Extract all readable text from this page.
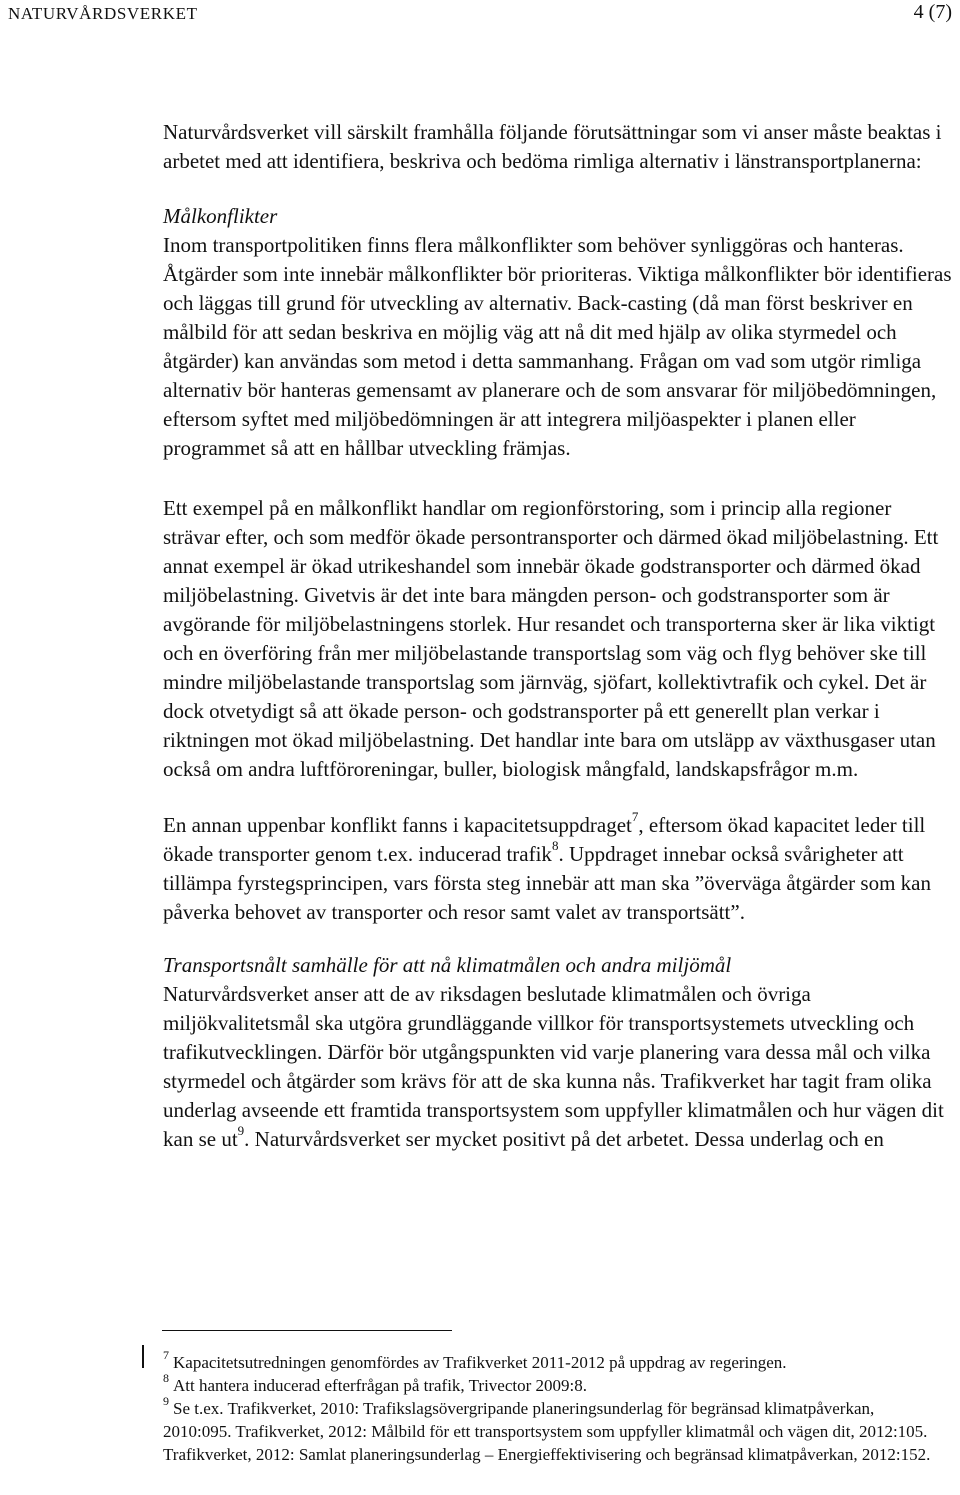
NATURVÅRDSVERKET	4 (7)

Naturvårdsverket vill särskilt framhålla följande förutsättningar som vi anser måste beaktas i arbetet med att identifiera, beskriva och bedöma rimliga alternativ i länstransportplanerna:

Målkonflikter

Inom transportpolitiken finns flera målkonflikter som behöver synliggöras och hanteras. Åtgärder som inte innebär målkonflikter bör prioriteras. Viktiga målkonflikter bör identifieras och läggas till grund för utveckling av alternativ. Back-casting (då man först beskriver en målbild för att sedan beskriva en möjlig väg att nå dit med hjälp av olika styrmedel och åtgärder) kan användas som metod i detta sammanhang. Frågan om vad som utgör rimliga alternativ bör hanteras gemensamt av planerare och de som ansvarar för miljöbedömningen, eftersom syftet med miljöbedömningen är att integrera miljöaspekter i planen eller programmet så att en hållbar utveckling främjas.

Ett exempel på en målkonflikt handlar om regionförstoring, som i princip alla regioner strävar efter, och som medför ökade persontransporter och därmed ökad miljöbelastning. Ett annat exempel är ökad utrikeshandel som innebär ökade godstransporter och därmed ökad miljöbelastning. Givetvis är det inte bara mängden person- och godstransporter som är avgörande för miljöbelastningens storlek. Hur resandet och transporterna sker är lika viktigt och en överföring från mer miljöbelastande transportslag som väg och flyg behöver ske till mindre miljöbelastande transportslag som järnväg, sjöfart, kollektivtrafik och cykel. Det är dock otvetydigt så att ökade person- och godstransporter på ett generellt plan verkar i riktningen mot ökad miljöbelastning. Det handlar inte bara om utsläpp av växthusgaser utan också om andra luftföroreningar, buller, biologisk mångfald, landskapsfrågor m.m.

En annan uppenbar konflikt fanns i kapacitetsuppdraget$^7$, eftersom ökad kapacitet leder till ökade transporter genom t.ex. inducerad trafik$^8$. Uppdraget innebar också svårigheter att tillämpa fyrstegsprincipen, vars första steg innebär att man ska ”överväga åtgärder som kan påverka behovet av transporter och resor samt valet av transportsätt”.

Transportsnålt samhälle för att nå klimatmålen och andra miljömål

Naturvårdsverket anser att de av riksdagen beslutade klimatmålen och övriga miljökvalitetsmål ska utgöra grundläggande villkor för transportsystemets utveckling och trafikutvecklingen. Därför bör utgångspunkten vid varje planering vara dessa mål och vilka styrmedel och åtgärder som krävs för att de ska kunna nås. Trafikverket har tagit fram olika underlag avseende ett framtida transportsystem som uppfyller klimatmålen och hur vägen dit kan se $ut^9$. Naturvårdsverket ser mycket positivt på det arbetet. Dessa underlag och en

$^7$ Kapacitetsutredningen genomfördes av Trafikverket 2011-2012 på uppdrag av regeringen.

$^8$ Att hantera inducerad efterfrågan på trafik, Trivector 2009:8.

$^9$ Se t.ex. Trafikverket, 2010: Trafikslagsövergripande planeringsunderlag för begränsad klimatpåverkan, 2010:095. Trafikverket, 2012: Målbild för ett transportsystem som uppfyller klimatmål och vägen dit, 2012:105. Trafikverket, 2012: Samlat planeringsunderlag – Energieffektivisering och begränsad klimatpåverkan, 2012:152.
